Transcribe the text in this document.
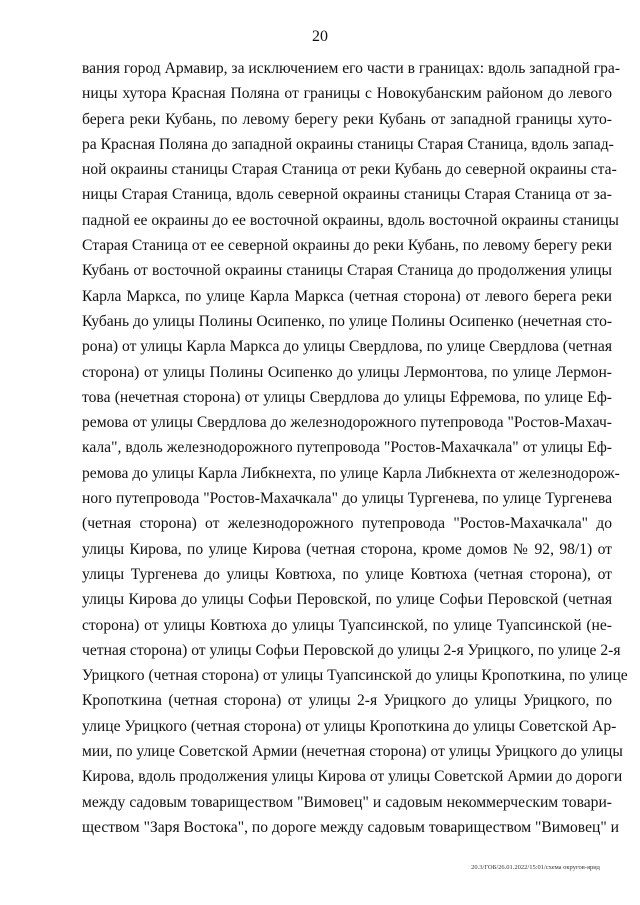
20
вания город Армавир, за исключением его части в границах: вдоль западной гра-
ницы хутора Красная Поляна от границы с Новокубанским районом до левого
берега реки Кубань, по левому берегу реки Кубань от западной границы хуто-
ра Красная Поляна до западной окраины станицы Старая Станица, вдоль запад-
ной окраины станицы Старая Станица от реки Кубань до северной окраины ста-
ницы Старая Станица, вдоль северной окраины станицы Старая Станица от за-
падной ее окраины до ее восточной окраины, вдоль восточной окраины станицы
Старая Станица от ее северной окраины до реки Кубань, по левому берегу реки
Кубань от восточной окраины станицы Старая Станица до продолжения улицы
Карла Маркса, по улице Карла Маркса (четная сторона) от левого берега реки
Кубань до улицы Полины Осипенко, по улице Полины Осипенко (нечетная сто-
рона) от улицы Карла Маркса до улицы Свердлова, по улице Свердлова (четная
сторона) от улицы Полины Осипенко до улицы Лермонтова, по улице Лермон-
това (нечетная сторона) от улицы Свердлова до улицы Ефремова, по улице Еф-
ремова от улицы Свердлова до железнодорожного путепровода "Ростов-Махач-
кала", вдоль железнодорожного путепровода "Ростов-Махачкала" от улицы Еф-
ремова до улицы Карла Либкнехта, по улице Карла Либкнехта от железнодорож-
ного путепровода "Ростов-Махачкала" до улицы Тургенева, по улице Тургенева
(четная сторона) от железнодорожного путепровода "Ростов-Махачкала" до
улицы Кирова, по улице Кирова (четная сторона, кроме домов № 92, 98/1) от
улицы Тургенева до улицы Ковтюха, по улице Ковтюха (четная сторона), от
улицы Кирова до улицы Софьи Перовской, по улице Софьи Перовской (четная
сторона) от улицы Ковтюха до улицы Туапсинской, по улице Туапсинской (не-
четная сторона) от улицы Софьи Перовской до улицы 2-я Урицкого, по улице 2-я
Урицкого (четная сторона) от улицы Туапсинской до улицы Кропоткина, по улице
Кропоткина (четная сторона) от улицы 2-я Урицкого до улицы Урицкого, по
улице Урицкого (четная сторона) от улицы Кропоткина до улицы Советской Ар-
мии, по улице Советской Армии (нечетная сторона) от улицы Урицкого до улицы
Кирова, вдоль продолжения улицы Кирова от улицы Советской Армии до дороги
между садовым товариществом "Вимовец" и садовым некоммерческим товари-
ществом "Заря Востока", по дороге между садовым товариществом "Вимовец" и
20.3/ГОБ/26.01.2022/15:01/схема округов-ярид
